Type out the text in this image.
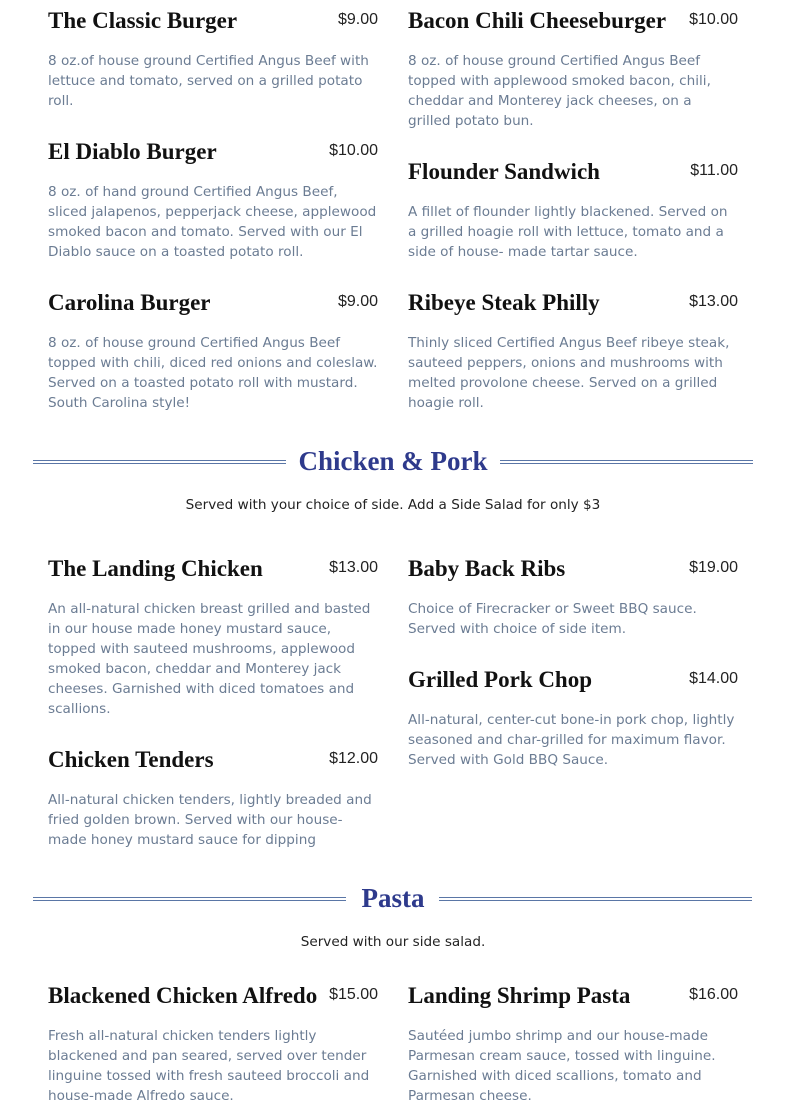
The Classic Burger	$9.00
8 oz.of house ground Certified Angus Beef with lettuce and tomato, served on a grilled potato roll.
Bacon Chili Cheeseburger $10.00
8 oz. of house ground Certified Angus Beef topped with applewood smoked bacon, chili, cheddar and Monterey jack cheeses, on a grilled potato bun.
El Diablo Burger	$10.00
8 oz. of hand ground Certified Angus Beef, sliced jalapenos, pepperjack cheese, applewood smoked bacon and tomato. Served with our El Diablo sauce on a toasted potato roll.
Flounder Sandwich	$11.00
A fillet of flounder lightly blackened. Served on a grilled hoagie roll with lettuce, tomato and a side of house- made tartar sauce.
Carolina Burger	$9.00
8 oz. of house ground Certified Angus Beef topped with chili, diced red onions and coleslaw. Served on a toasted potato roll with mustard. South Carolina style!
Ribeye Steak Philly	$13.00
Thinly sliced Certified Angus Beef ribeye steak, sauteed peppers, onions and mushrooms with melted provolone cheese. Served on a grilled hoagie roll.
Chicken & Pork
Served with your choice of side. Add a Side Salad for only $3
The Landing Chicken	$13.00
An all-natural chicken breast grilled and basted in our house made honey mustard sauce, topped with sauteed mushrooms, applewood smoked bacon, cheddar and Monterey jack cheeses. Garnished with diced tomatoes and scallions.
Baby Back Ribs	$19.00
Choice of Firecracker or Sweet BBQ sauce. Served with choice of side item.
Grilled Pork Chop	$14.00
All-natural, center-cut bone-in pork chop, lightly seasoned and char-grilled for maximum flavor. Served with Gold BBQ Sauce.
Chicken Tenders	$12.00
All-natural chicken tenders, lightly breaded and fried golden brown. Served with our house-made honey mustard sauce for dipping
Pasta
Served with our side salad.
Blackened Chicken Alfredo $15.00
Fresh all-natural chicken tenders lightly blackened and pan seared, served over tender linguine tossed with fresh sauteed broccoli and house-made Alfredo sauce.
Landing Shrimp Pasta	$16.00
Sautéed jumbo shrimp and our house-made Parmesan cream sauce, tossed with linguine. Garnished with diced scallions, tomato and Parmesan cheese.
